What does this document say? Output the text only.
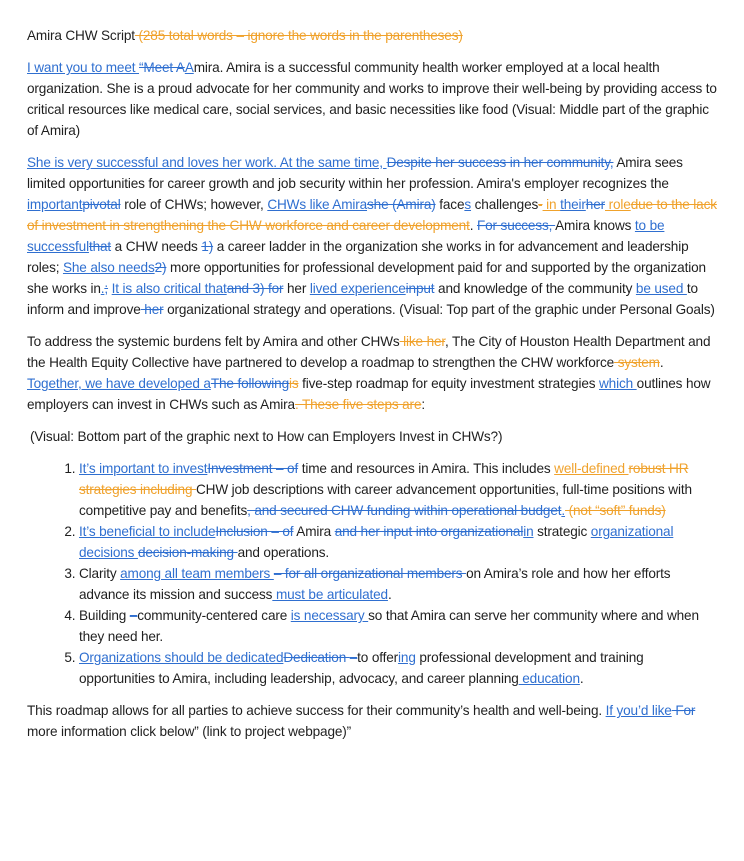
Amira CHW Script (285 total words – ignore the words in the parentheses)

I want you to meet “Meet AAmira. Amira is a successful community health worker employed at a local health organization. She is a proud advocate for her community and works to improve their well-being by providing access to critical resources like medical care, social services, and basic necessities like food (Visual: Middle part of the graphic of Amira)

She is very successful and loves her work. At the same time, Despite her success in her community, Amira sees limited opportunities for career growth and job security within her profession. Amira's employer recognizes the importantpivotal role of CHWs; however, CHWs like Amirashe (Amira) faces challenges- in theirher roledue to the lack of investment in strengthening the CHW workforce and career development. For success, Amira knows to be successfulthat a CHW needs 1) a career ladder in the organization she works in for advancement and leadership roles; She also needs2) more opportunities for professional development paid for and supported by the organization she works in.; It is also critical thatand 3) for her lived experienceinput and knowledge of the community be used to inform and improve her organizational strategy and operations. (Visual: Top part of the graphic under Personal Goals)

To address the systemic burdens felt by Amira and other CHWs like her, The City of Houston Health Department and the Health Equity Collective have partnered to develop a roadmap to strengthen the CHW workforce system. Together, we have developed aThe followingis five-step roadmap for equity investment strategies which outlines how employers can invest in CHWs such as Amira. These five steps are:

(Visual: Bottom part of the graphic next to How can Employers Invest in CHWs?)

1. It’s important to investInvestment – of time and resources in Amira. This includes well-defined robust HR strategies including CHW job descriptions with career advancement opportunities, full-time positions with competitive pay and benefits, and secured CHW funding within operational budget. (not “soft” funds)
2. It’s beneficial to includeInclusion – of Amira and her input into organizationalin strategic organizational decisions decision-making and operations.
3. Clarity among all team members – for all organizational members on Amira’s role and how her efforts advance its mission and success must be articulated.
4. Building –community-centered care is necessary so that Amira can serve her community where and when they need her.
5. Organizations should be dedicatedDedication –to offering professional development and training opportunities to Amira, including leadership, advocacy, and career planning education.

This roadmap allows for all parties to achieve success for their community’s health and well-being. If you’d like For more information click below” (link to project webpage)”
